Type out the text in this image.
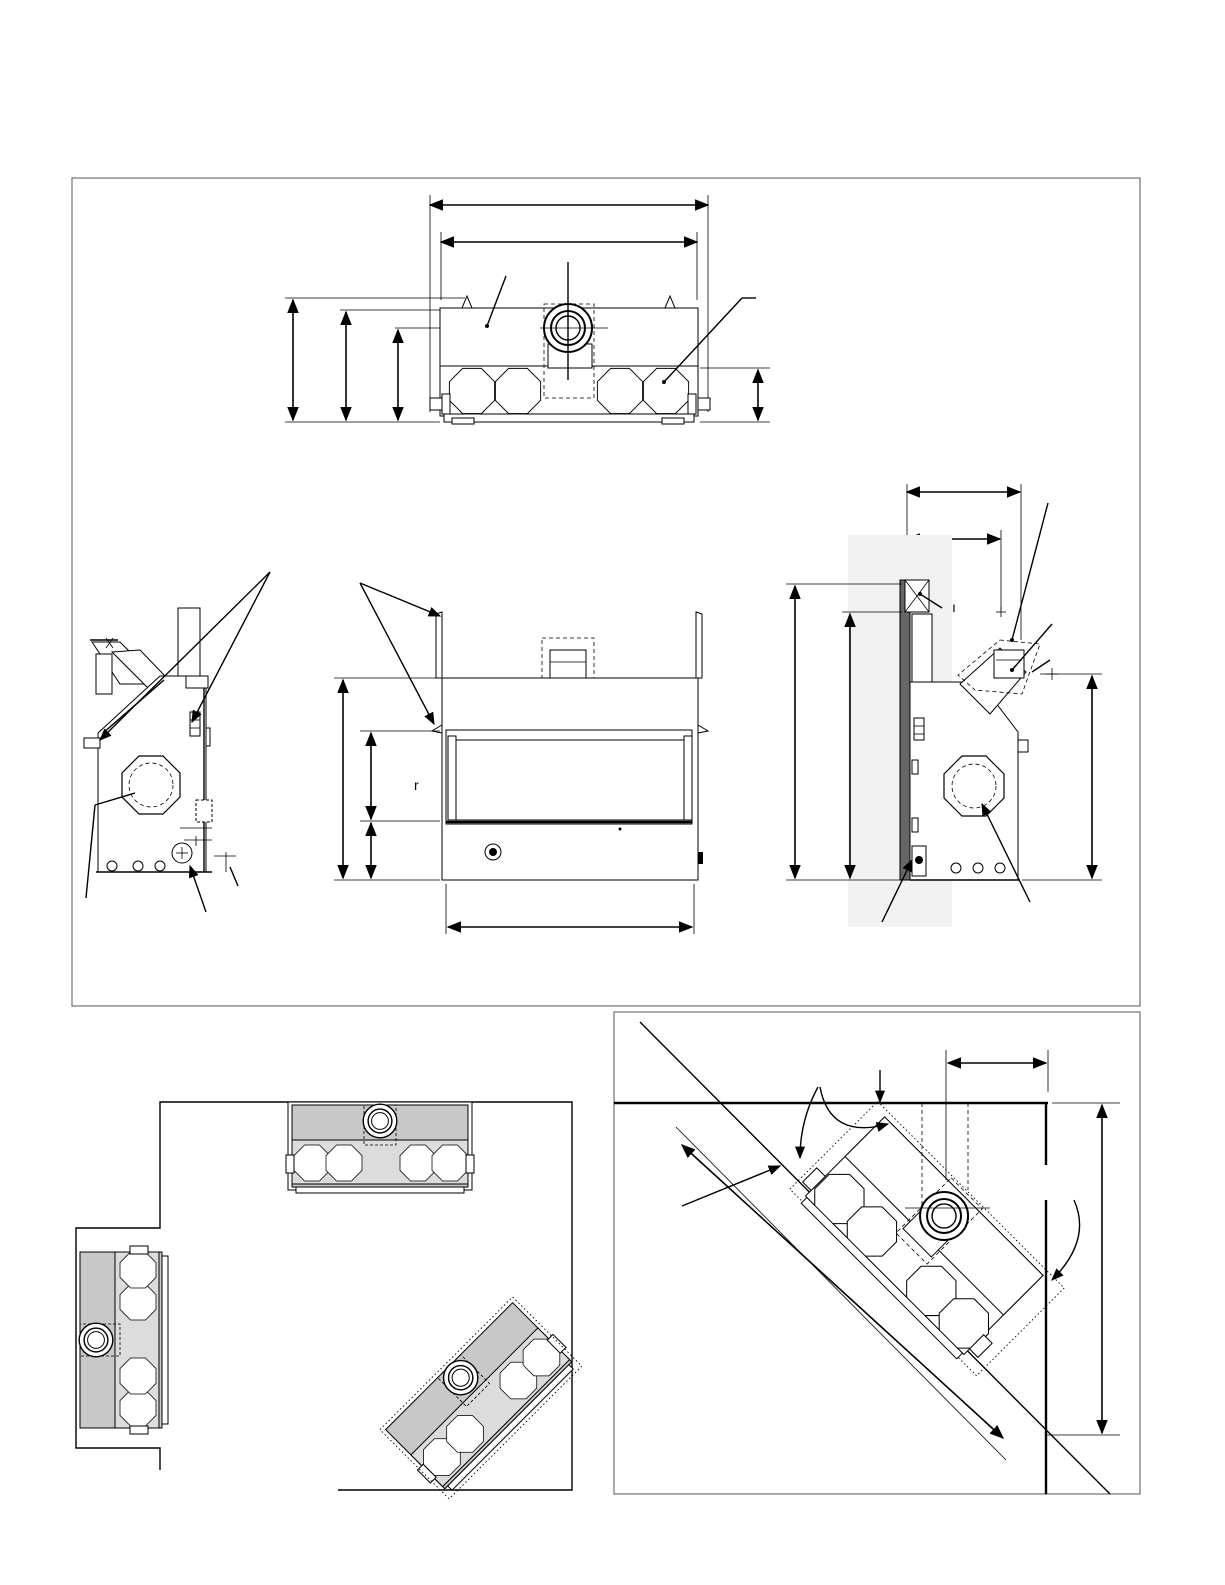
r
ı
